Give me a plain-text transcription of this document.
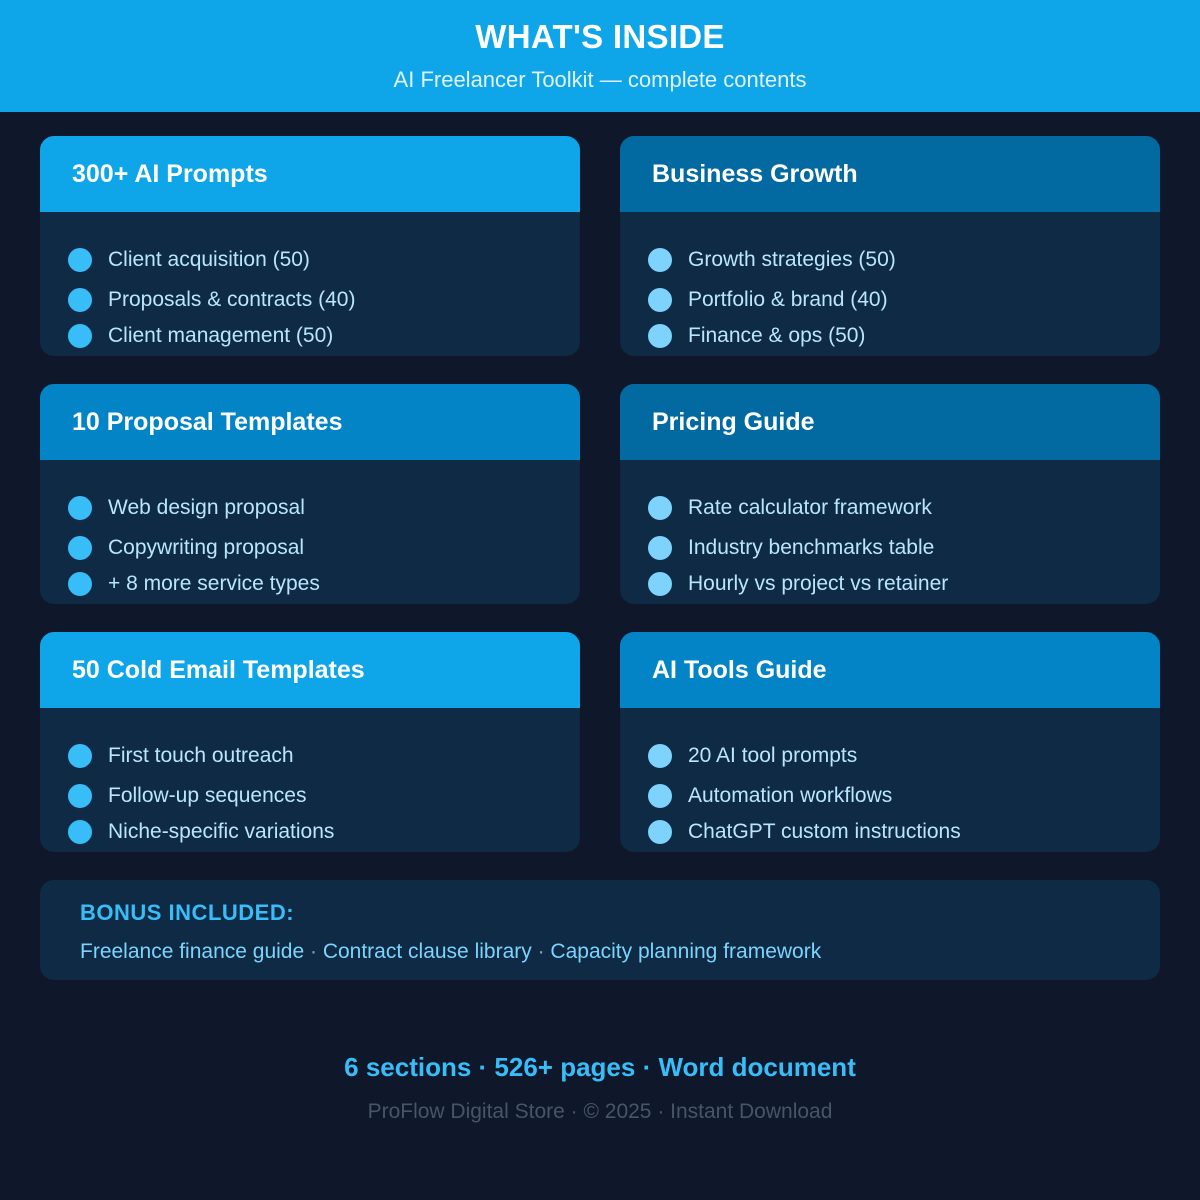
WHAT'S INSIDE
AI Freelancer Toolkit — complete contents
300+ AI Prompts
Client acquisition (50)
Proposals & contracts (40)
Client management (50)
Business Growth
Growth strategies (50)
Portfolio & brand (40)
Finance & ops (50)
10 Proposal Templates
Web design proposal
Copywriting proposal
+ 8 more service types
Pricing Guide
Rate calculator framework
Industry benchmarks table
Hourly vs project vs retainer
50 Cold Email Templates
First touch outreach
Follow-up sequences
Niche-specific variations
AI Tools Guide
20 AI tool prompts
Automation workflows
ChatGPT custom instructions
BONUS INCLUDED:
Freelance finance guide · Contract clause library · Capacity planning framework
6 sections · 526+ pages · Word document
ProFlow Digital Store · © 2025 · Instant Download
